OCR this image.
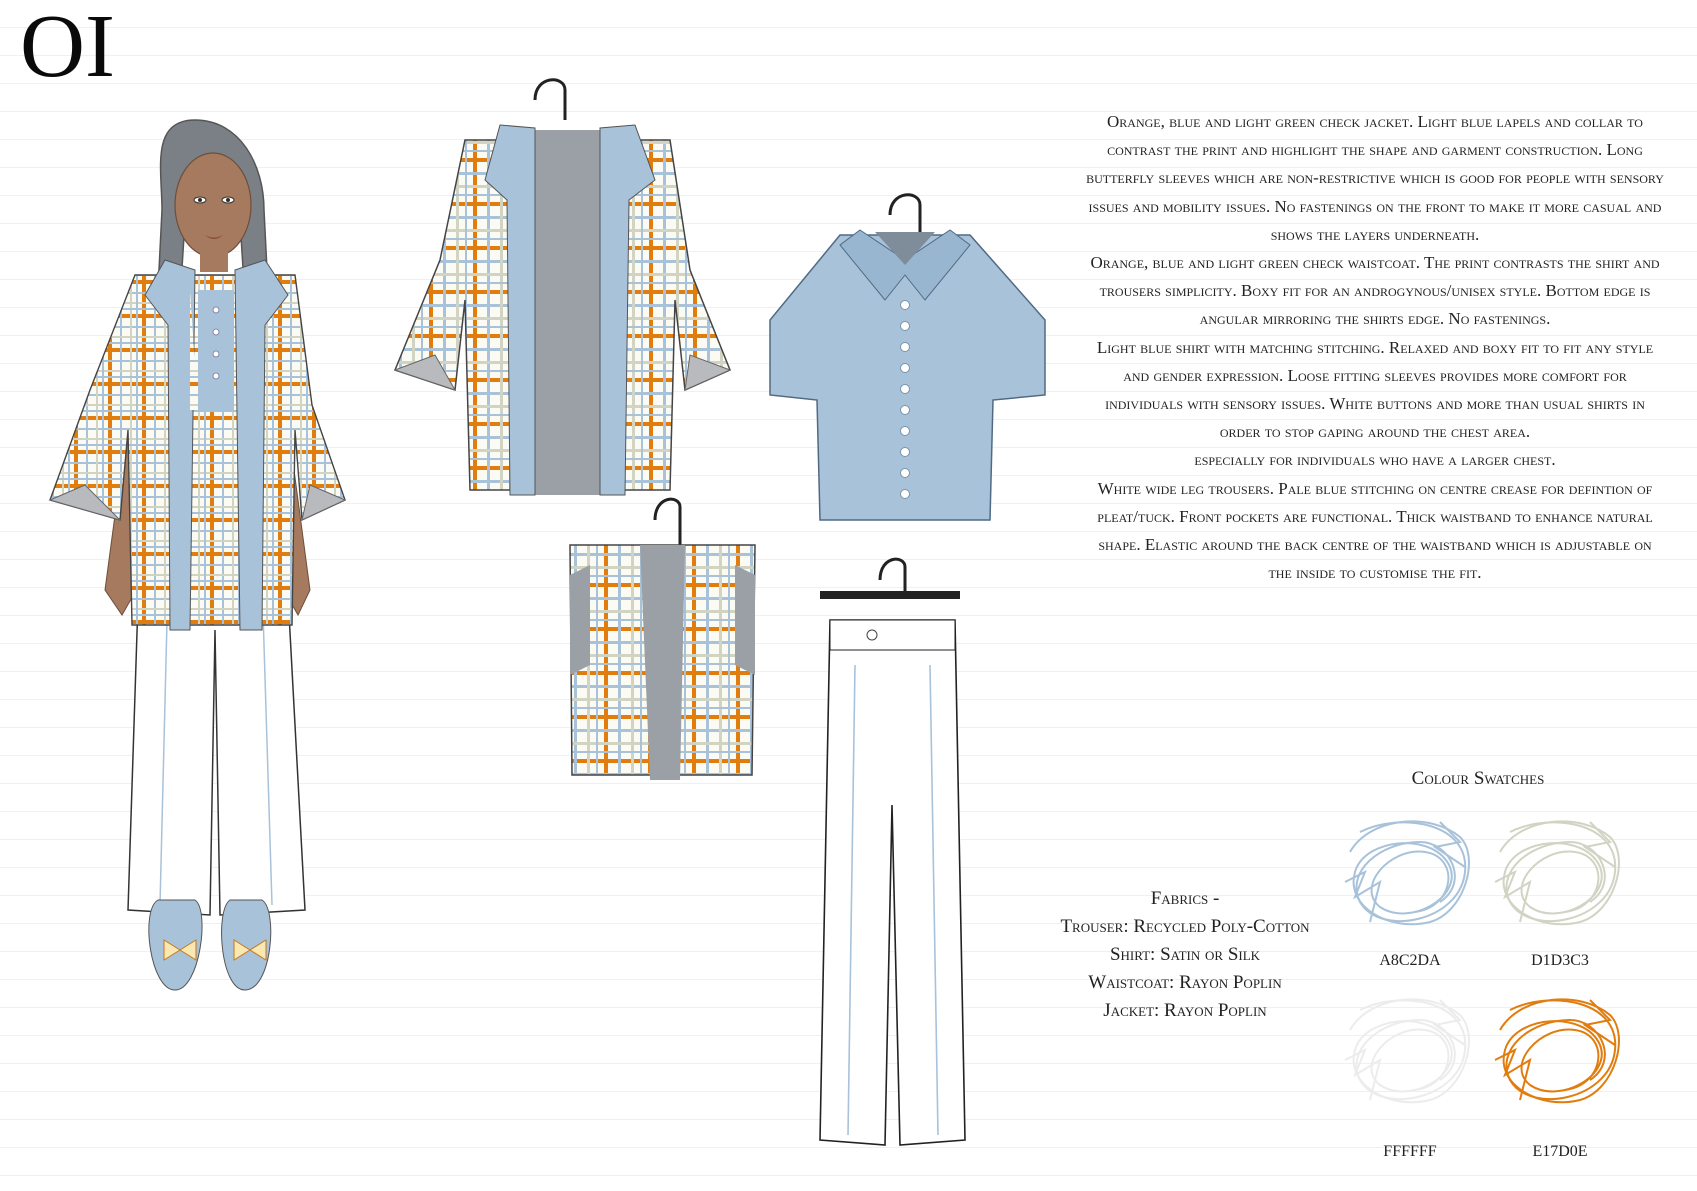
OI

Orange, blue and light green check jacket. Light blue lapels and collar to contrast the print and highlight the shape and garment construction. Long butterfly sleeves which are non-restrictive which is good for people with sensory issues and mobility issues. No fastenings on the front to make it more casual and shows the layers underneath.

Orange, blue and light green check waistcoat. The print contrasts the shirt and trousers simplicity. Boxy fit for an androgynous/unisex style. Bottom edge is angular mirroring the shirts edge. No fastenings.

Light blue shirt with matching stitching. Relaxed and boxy fit to fit any style and gender expression. Loose fitting sleeves provides more comfort for individuals with sensory issues. White buttons and more than usual shirts in order to stop gaping around the chest area.

especially for individuals who have a larger chest.

White wide leg trousers. Pale blue stitching on centre crease for defintion of pleat/tuck. Front pockets are functional. Thick waistband to enhance natural shape. Elastic around the back centre of the waistband which is adjustable on the inside to customise the fit.

Fabrics -

Trouser: Recycled Poly-Cotton

Shirt: Satin or Silk

Waistcoat: Rayon Poplin

Jacket: Rayon Poplin

Colour Swatches
A8C2DA	D1D3C3
FFFFFF	E17D0E
